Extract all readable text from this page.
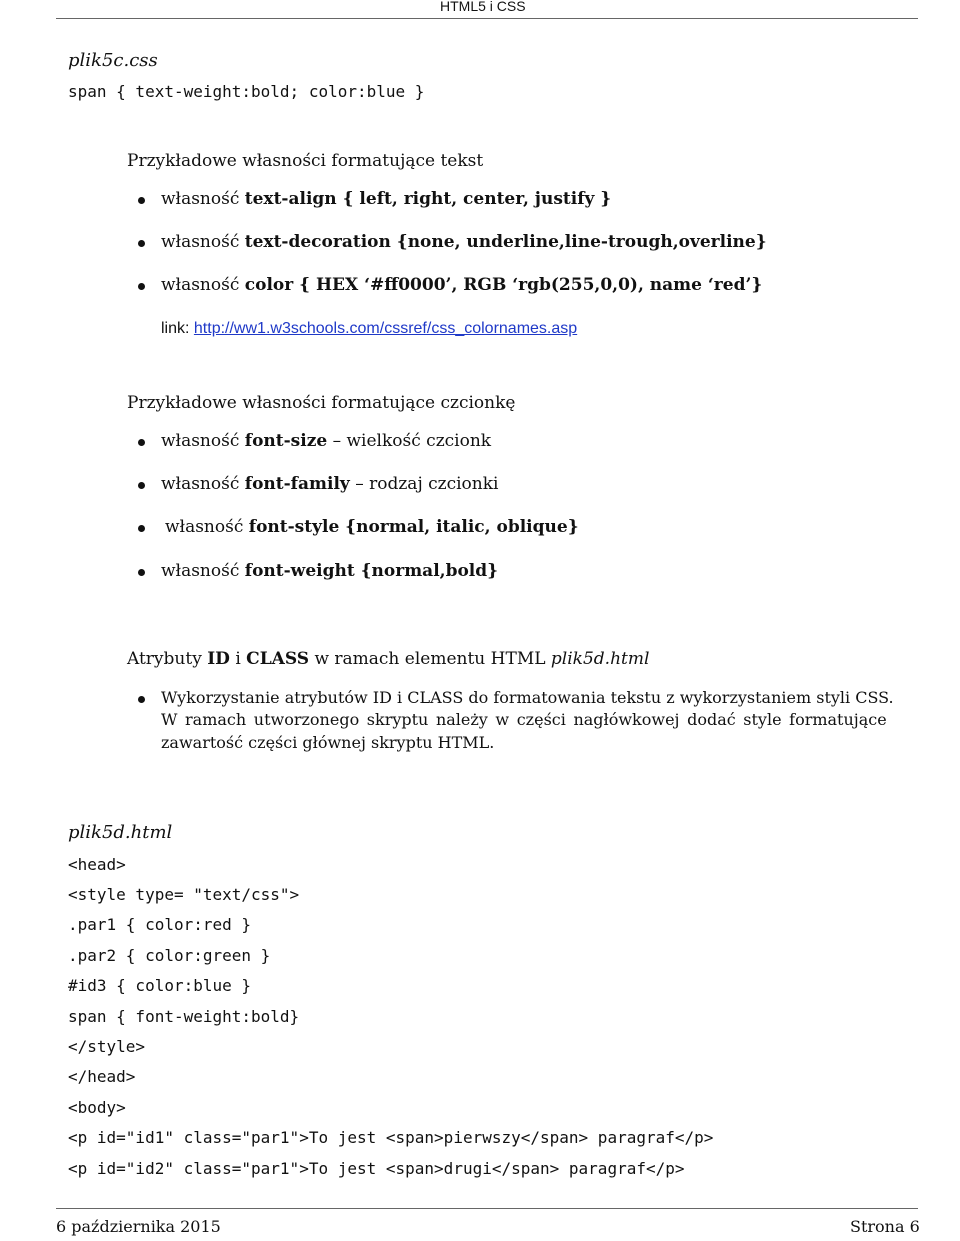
HTML5 i CSS
plik5c.css
span { text-weight:bold; color:blue }
Przykładowe własności formatujące tekst
własność text-align { left, right, center, justify }
własność text-decoration {none, underline,line-trough,overline}
własność color { HEX ‘#ff0000’, RGB ‘rgb(255,0,0), name ‘red’}
link: http://ww1.w3schools.com/cssref/css_colornames.asp
Przykładowe własności formatujące czcionkę
własność font-size – wielkość czcionk
własność font-family – rodzaj czcionki
własność font-style {normal, italic, oblique}
własność font-weight {normal,bold}
Atrybuty ID i CLASS w ramach elementu HTML plik5d.html
Wykorzystanie atrybutów ID i CLASS do formatowania tekstu z wykorzystaniem styli CSS.
W ramach utworzonego skryptu należy w części nagłówkowej dodać style formatujące
zawartość części głównej skryptu HTML.
plik5d.html
<head>
<style type= "text/css">
.par1 { color:red }
.par2 { color:green }
#id3 { color:blue }
span { font-weight:bold}
</style>
</head>
<body>
<p id="id1" class="par1">To jest <span>pierwszy</span> paragraf</p>
<p id="id2" class="par1">To jest <span>drugi</span> paragraf</p>
6 października 2015	Strona 6
